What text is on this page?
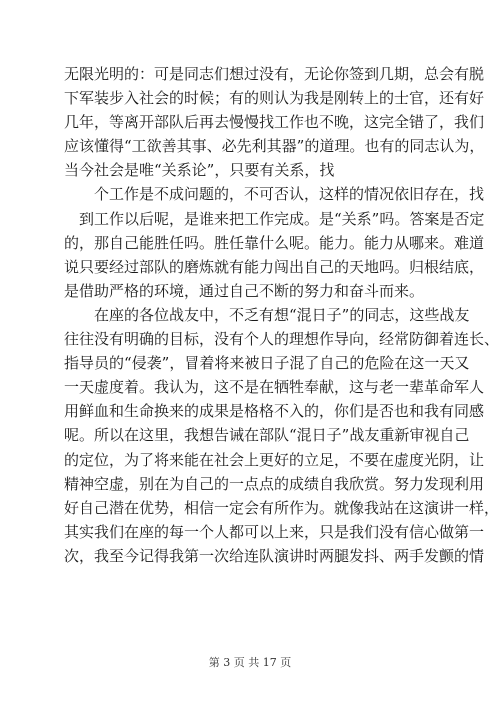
无限光明的：可是同志们想过没有，无论你签到几期，总会有脱
下军装步入社会的时候；有的则认为我是刚转上的士官，还有好
几年，等离开部队后再去慢慢找工作也不晚，这完全错了，我们
应该懂得“工欲善其事、必先利其器”的道理。也有的同志认为，
当今社会是唯“关系论”，只要有关系，找
　　个工作是不成问题的，不可否认，这样的情况依旧存在，找
　到工作以后呢，是谁来把工作完成。是“关系”吗。答案是否定
的，那自己能胜任吗。胜任靠什么呢。能力。能力从哪来。难道
说只要经过部队的磨炼就有能力闯出自己的天地吗。归根结底，
是借助严格的环境，通过自己不断的努力和奋斗而来。
　　在座的各位战友中，不乏有想“混日子”的同志，这些战友
往往没有明确的目标，没有个人的理想作导向，经常防御着连长、
指导员的“侵袭”，冒着将来被日子混了自己的危险在这一天又
一天虚度着。我认为，这不是在牺牲奉献，这与老一辈革命军人
用鲜血和生命换来的成果是格格不入的，你们是否也和我有同感
呢。所以在这里，我想告诫在部队“混日子”战友重新审视自己
的定位，为了将来能在社会上更好的立足，不要在虚度光阴，让
精神空虚，别在为自己的一点点的成绩自我欣赏。努力发现利用
好自己潜在优势，相信一定会有所作为。就像我站在这演讲一样，
其实我们在座的每一个人都可以上来，只是我们没有信心做第一
次，我至今记得我第一次给连队演讲时两腿发抖、两手发颤的情
第 3 页 共 17 页
